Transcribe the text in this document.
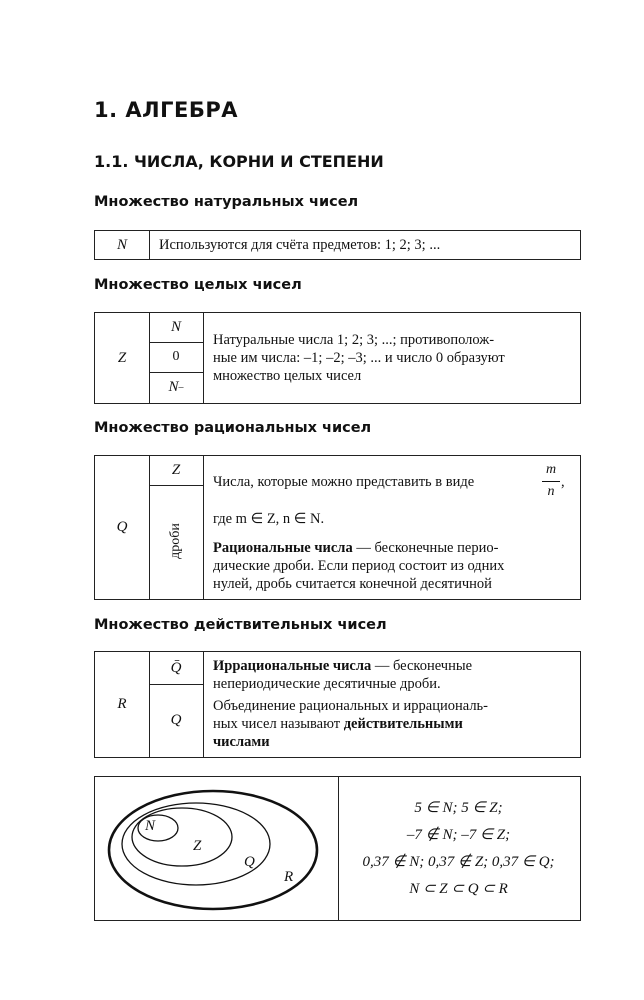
1. АЛГЕБРА
1.1. ЧИСЛА, КОРНИ И СТЕПЕНИ
Множество натуральных чисел
N	Используются для счёта предметов: 1; 2; 3; ...
Множество целых чисел
Z
N
0
N –
Натуральные числа 1; 2; 3; ...; противополож-
ные им числа: –1; –2; –3; ... и число 0 образуют
множество целых чисел
Множество рациональных чисел
Q
Z
дроби
Числа, которые можно представить в виде
m
n
,
где m ∈ Z, n ∈ N.
Рациональные числа — бесконечные перио-
дические дроби. Если период состоит из одних
нулей, дробь считается конечной десятичной
Множество действительных чисел
R
Q̄
Q
Иррациональные числа — бесконечные
непериодические десятичные дроби.
Объединение рациональных и иррациональ-
ных чисел называют действительными
числами
N
Z
Q
R
5 ∈ N; 5 ∈ Z;
–7 ∉ N; –7 ∈ Z;
0,37 ∉ N; 0,37 ∉ Z; 0,37 ∈ Q;
N ⊂ Z ⊂ Q ⊂ R
